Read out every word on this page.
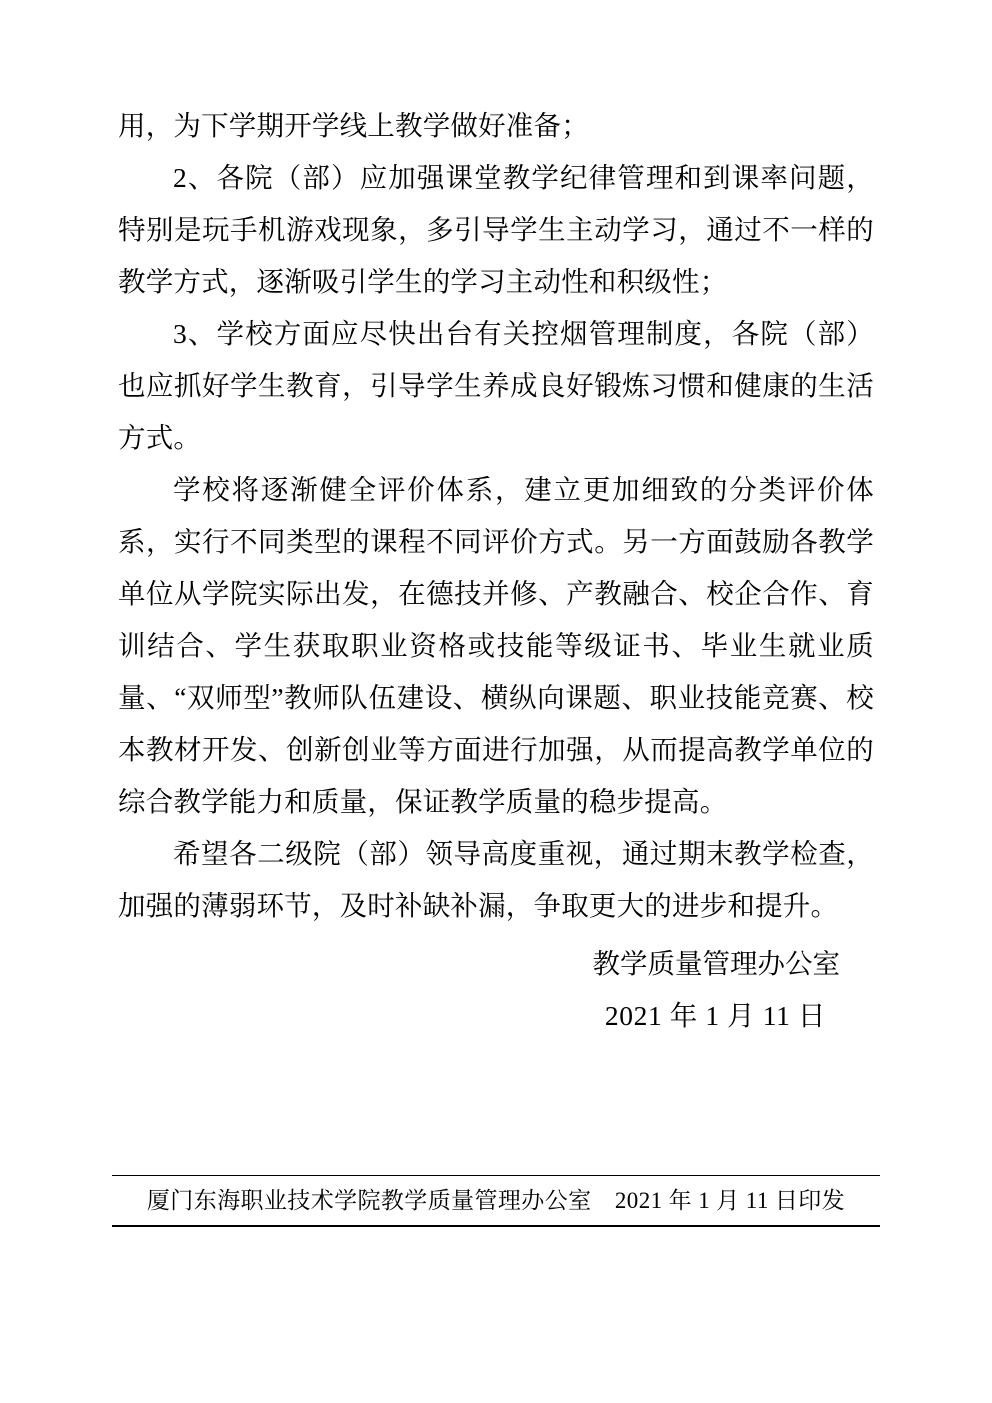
用，为下学期开学线上教学做好准备；

2、各院（部）应加强课堂教学纪律管理和到课率问题，特别是玩手机游戏现象，多引导学生主动学习，通过不一样的教学方式，逐渐吸引学生的学习主动性和积级性；

3、学校方面应尽快出台有关控烟管理制度，各院（部）也应抓好学生教育，引导学生养成良好锻炼习惯和健康的生活方式。

学校将逐渐健全评价体系，建立更加细致的分类评价体系，实行不同类型的课程不同评价方式。另一方面鼓励各教学单位从学院实际出发，在德技并修、产教融合、校企合作、育训结合、学生获取职业资格或技能等级证书、毕业生就业质量、“双师型”教师队伍建设、横纵向课题、职业技能竞赛、校本教材开发、创新创业等方面进行加强，从而提高教学单位的综合教学能力和质量，保证教学质量的稳步提高。

希望各二级院（部）领导高度重视，通过期末教学检查，加强的薄弱环节，及时补缺补漏，争取更大的进步和提升。

教学质量管理办公室
2021 年 1 月 11 日
厦门东海职业技术学院教学质量管理办公室　2021 年 1 月 11 日印发
